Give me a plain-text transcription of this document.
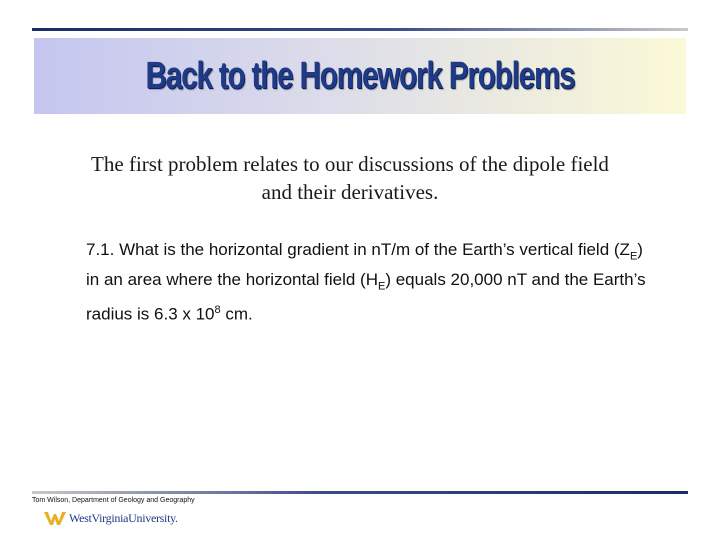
Back to the Homework Problems
The first problem relates to our discussions of the dipole field and their derivatives.
7.1. What is the horizontal gradient in nT/m of the Earth’s vertical field $(Z_E)$ in an area where the horizontal field $(H_E)$ equals 20,000 nT and the Earth’s radius is 6.3 x $10^8$ cm.
Tom Wilson, Department of Geology and Geography
WestVirginiaUniversity.
